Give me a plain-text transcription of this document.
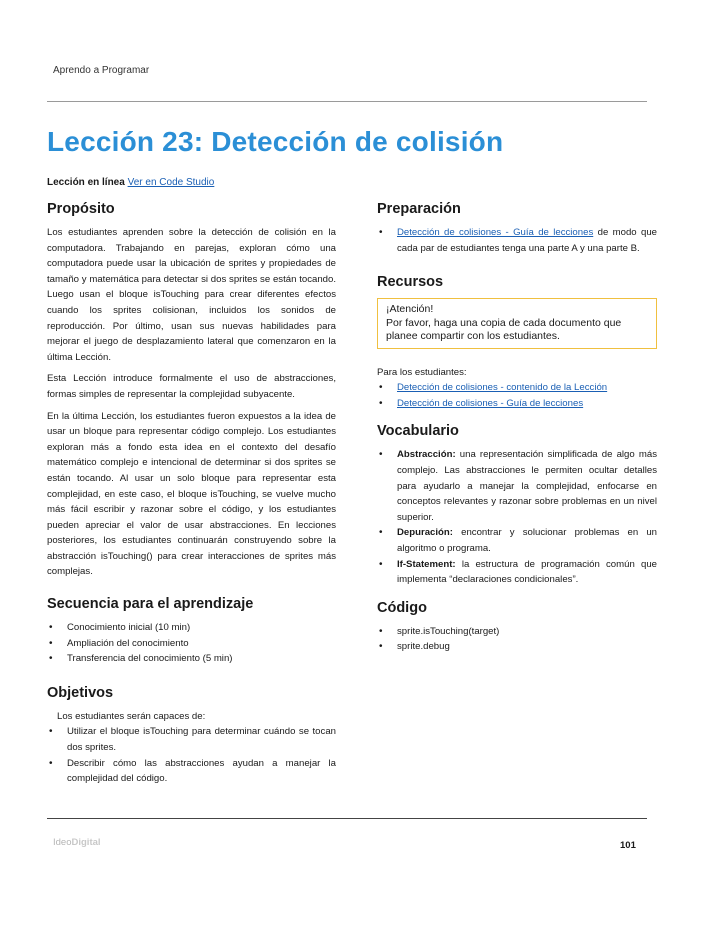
Aprendo a Programar
Lección 23: Detección de colisión
Lección en línea Ver en Code Studio
Propósito

Los estudiantes aprenden sobre la detección de colisión en la computadora. Trabajando en parejas, exploran cómo una computadora puede usar la ubicación de sprites y propiedades de tamaño y matemática para detectar si dos sprites se están tocando. Luego usan el bloque isTouching para crear diferentes efectos cuando los sprites colisionan, incluidos los sonidos de reproducción. Por último, usan sus nuevas habilidades para mejorar el juego de desplazamiento lateral que comenzaron en la última Lección.

Esta Lección introduce formalmente el uso de abstracciones, formas simples de representar la complejidad subyacente.

En la última Lección, los estudiantes fueron expuestos a la idea de usar un bloque para representar código complejo. Los estudiantes exploran más a fondo esta idea en el contexto del desafío matemático complejo e intencional de determinar si dos sprites se están tocando. Al usar un solo bloque para representar esta complejidad, en este caso, el bloque isTouching, se vuelve mucho más fácil escribir y razonar sobre el código, y los estudiantes pueden apreciar el valor de usar abstracciones. En lecciones posteriores, los estudiantes continuarán construyendo sobre la abstracción isTouching() para crear interacciones de sprites más complejas.

Secuencia para el aprendizaje
• Conocimiento inicial (10 min)
• Ampliación del conocimiento
• Transferencia del conocimiento (5 min)
Objetivos

Los estudiantes serán capaces de:

• Utilizar el bloque isTouching para determinar cuándo se tocan dos sprites.
• Describir cómo las abstracciones ayudan a manejar la complejidad del código.
Preparación
• Detección de colisiones - Guía de lecciones de modo que cada par de estudiantes tenga una parte A y una parte B.
Recursos
¡Atención!
Por favor, haga una copia de cada documento que planee compartir con los estudiantes.

Para los estudiantes:

• Detección de colisiones - contenido de la Lección
• Detección de colisiones - Guía de lecciones
Vocabulario
• Abstracción: una representación simplificada de algo más complejo. Las abstracciones le permiten ocultar detalles para ayudarlo a manejar la complejidad, enfocarse en conceptos relevantes y razonar sobre problemas en un nivel superior.
• Depuración: encontrar y solucionar problemas en un algoritmo o programa.
• If-Statement: la estructura de programación común que implementa “declaraciones condicionales”.
Código
• sprite.isTouching(target)
• sprite.debug
IdeoDigital	101
